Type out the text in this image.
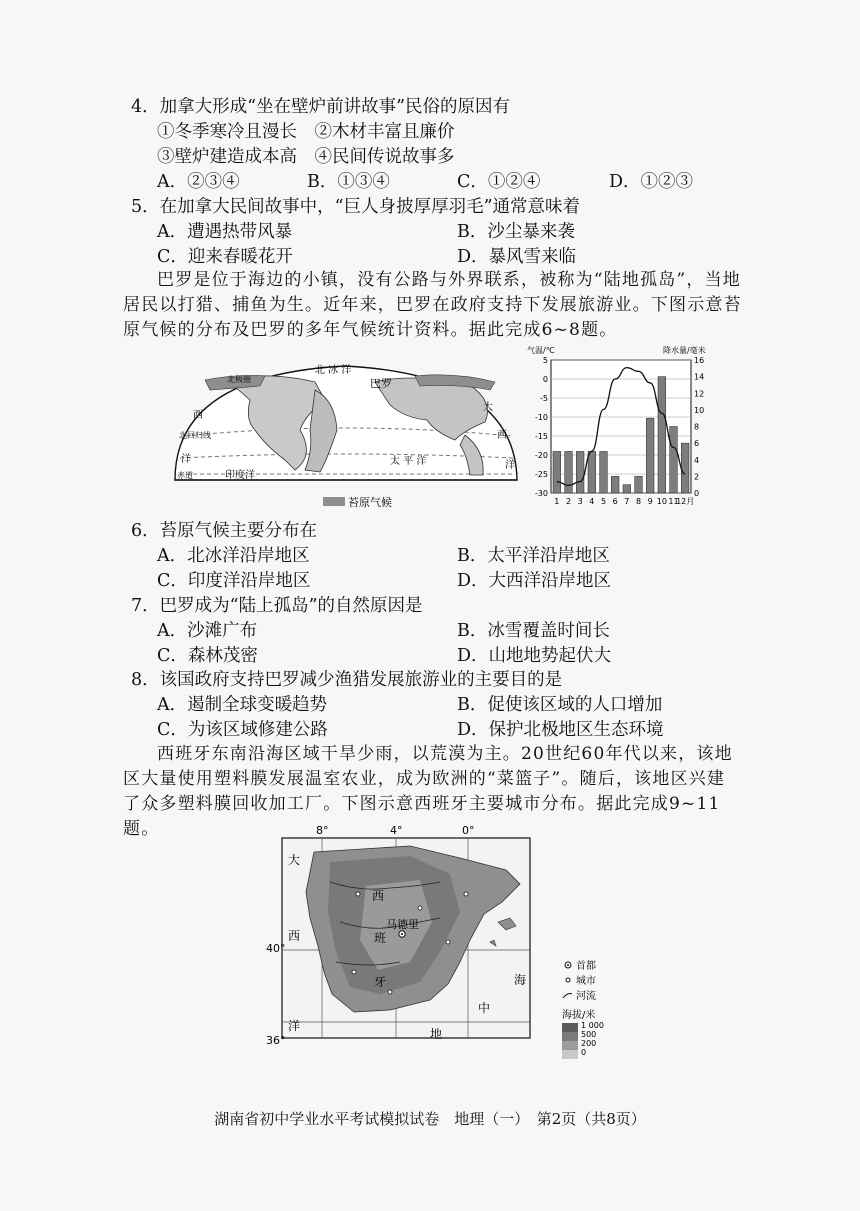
4．加拿大形成“坐在壁炉前讲故事”民俗的原因有
①冬季寒冷且漫长　②木材丰富且廉价
③壁炉建造成本高　④民间传说故事多
A．②③④	B．①③④	C．①②④	D．①②③
5．在加拿大民间故事中，“巨人身披厚厚羽毛”通常意味着
A．遭遇热带风暴	B．沙尘暴来袭
C．迎来春暖花开	D．暴风雪来临
巴罗是位于海边的小镇，没有公路与外界联系，被称为“陆地孤岛”，当地居民以打猎、捕鱼为生。近年来，巴罗在政府支持下发展旅游业。下图示意苔原气候的分布及巴罗的多年气候统计资料。据此完成6~8题。
北 冰 洋
巴罗
北极圈
西
大
北回归线	西
洋
赤道	印度洋
太 平 洋	洋
苔原气候
气温/℃	降水量/毫米
5
0
-5
-10
-15
-20
-25
-30
16
14
12
10
8
6
4
2
0
1 2 3 4 5 6 7 8 9 10 11
12月
6．苔原气候主要分布在
A．北冰洋沿岸地区	B．太平洋沿岸地区
C．印度洋沿岸地区	D．大西洋沿岸地区
7．巴罗成为“陆上孤岛”的自然原因是
A．沙滩广布	B．冰雪覆盖时间长
C．森林茂密	D．山地地势起伏大
8．该国政府支持巴罗减少渔猎发展旅游业的主要目的是
A．遏制全球变暖趋势	B．促使该区域的人口增加
C．为该区域修建公路	D．保护北极地区生态环境
西班牙东南沿海区域干旱少雨，以荒漠为主。20世纪60年代以来，该地区大量使用塑料膜发展温室农业，成为欧洲的“菜篮子”。随后，该地区兴建了众多塑料膜回收加工厂。下图示意西班牙主要城市分布。据此完成9~11题。	8°	4°	0°
大
西
洋
西
班
牙
马德里
海
中
地
40°
36°
首都
城市
河流
海拔/米
1 000
500
200
0
湖南省初中学业水平考试模拟试卷　地理（一）　第2页（共8页）
